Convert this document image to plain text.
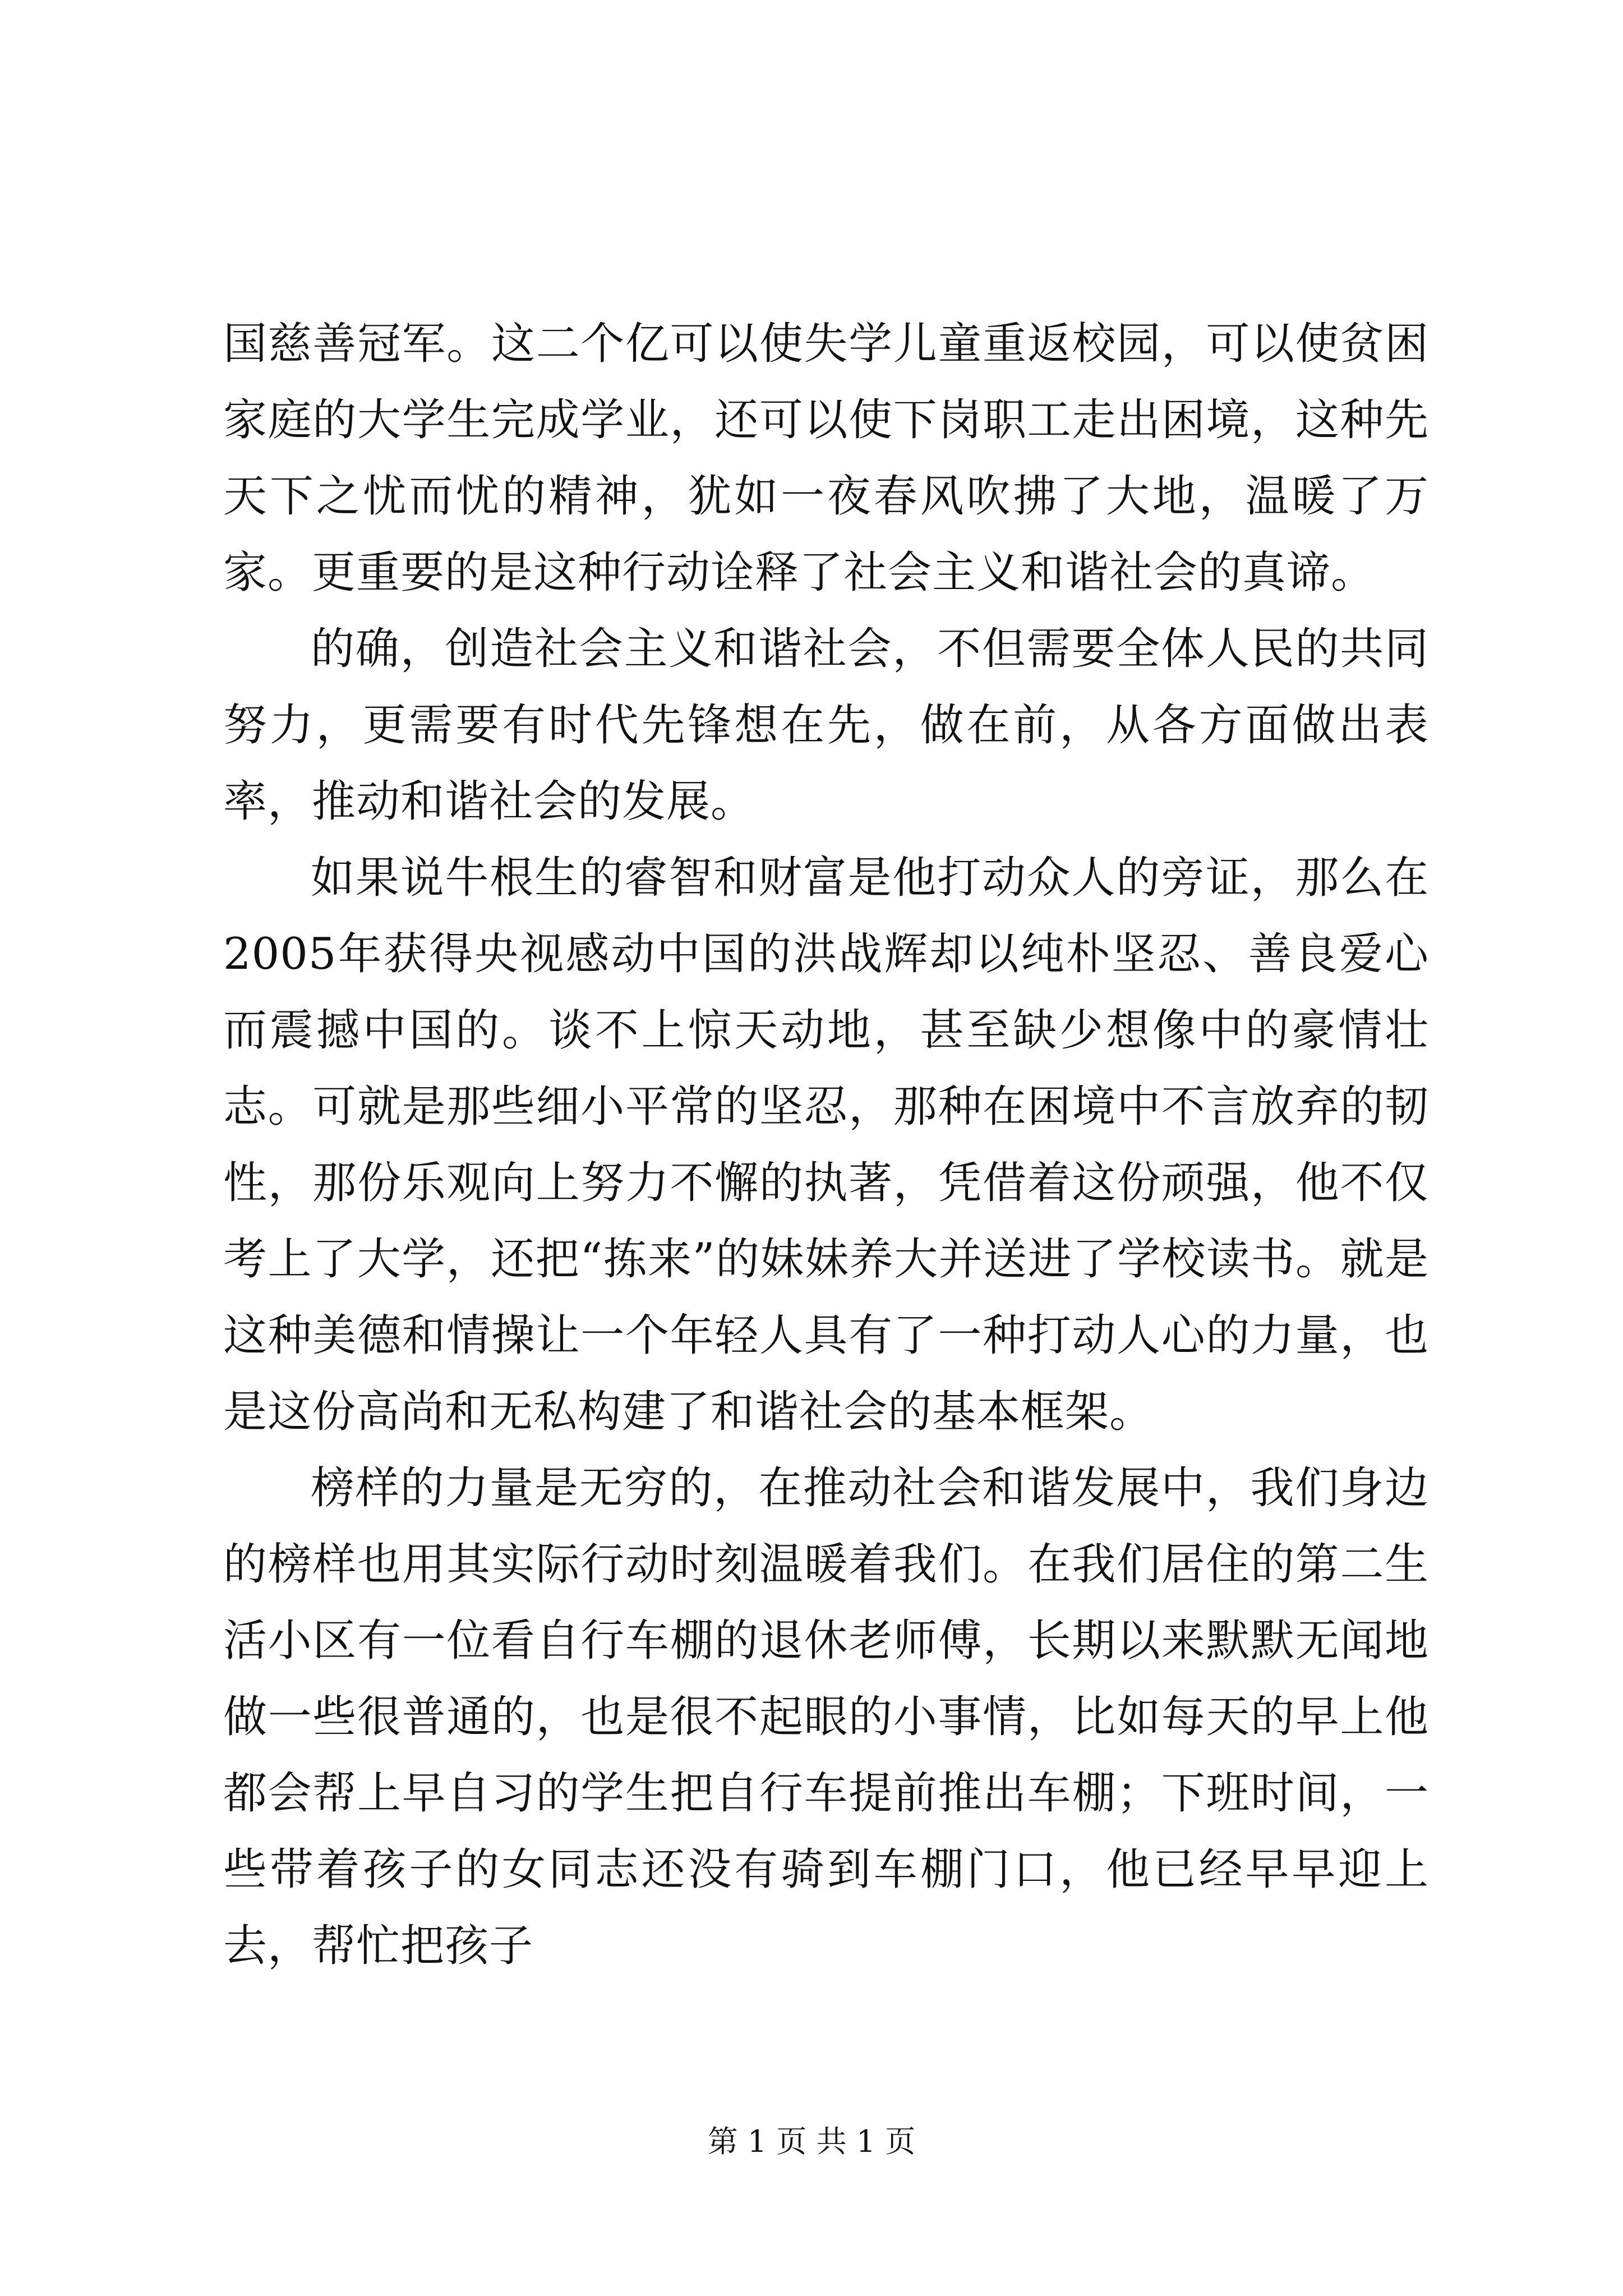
国慈善冠军。这二个亿可以使失学儿童重返校园，可以使贫困家庭的大学生完成学业，还可以使下岗职工走出困境，这种先天下之忧而忧的精神，犹如一夜春风吹拂了大地，温暖了万家。更重要的是这种行动诠释了社会主义和谐社会的真谛。

的确，创造社会主义和谐社会，不但需要全体人民的共同努力，更需要有时代先锋想在先，做在前，从各方面做出表率，推动和谐社会的发展。

如果说牛根生的睿智和财富是他打动众人的旁证，那么在2005年获得央视感动中国的洪战辉却以纯朴坚忍、善良爱心而震撼中国的。谈不上惊天动地，甚至缺少想像中的豪情壮志。可就是那些细小平常的坚忍，那种在困境中不言放弃的韧性，那份乐观向上努力不懈的执著，凭借着这份顽强，他不仅考上了大学，还把“拣来”的妹妹养大并送进了学校读书。就是这种美德和情操让一个年轻人具有了一种打动人心的力量，也是这份高尚和无私构建了和谐社会的基本框架。

榜样的力量是无穷的，在推动社会和谐发展中，我们身边的榜样也用其实际行动时刻温暖着我们。在我们居住的第二生活小区有一位看自行车棚的退休老师傅，长期以来默默无闻地做一些很普通的，也是很不起眼的小事情，比如每天的早上他都会帮上早自习的学生把自行车提前推出车棚；下班时间，一些带着孩子的女同志还没有骑到车棚门口，他已经早早迎上去，帮忙把孩子

第 1 页 共 1 页
